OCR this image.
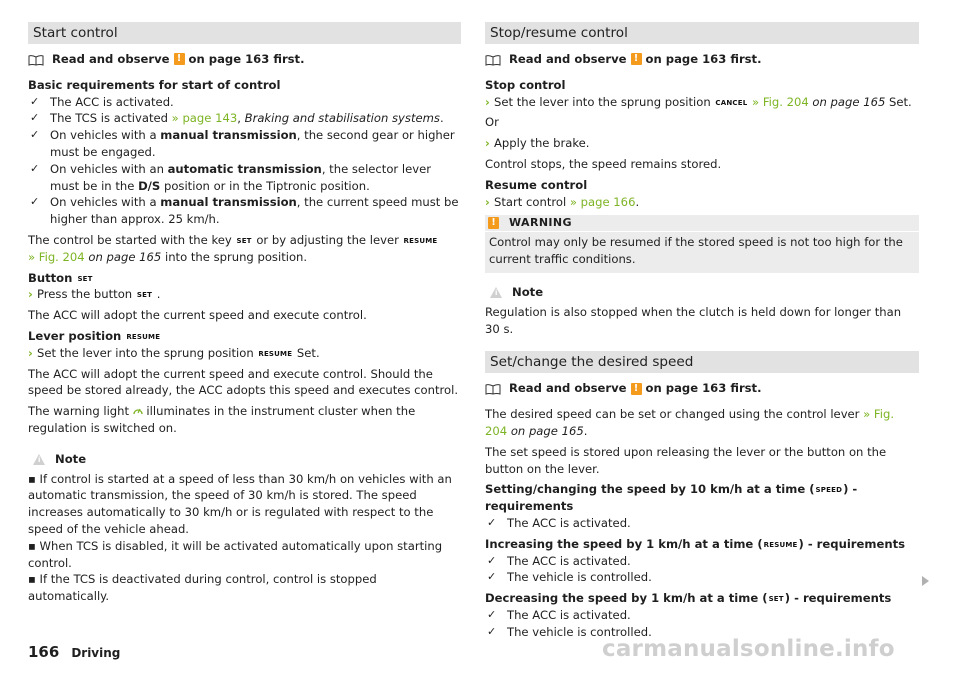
Start control
Read and observe ! on page 163 first.

Basic requirements for start of control

✓ The ACC is activated.
✓ The TCS is activated » page 143, Braking and stabilisation systems.
✓ On vehicles with a manual transmission, the second gear or higher must be engaged.
✓ On vehicles with an automatic transmission, the selector lever must be in the D/S position or in the Tiptronic position.
✓ On vehicles with a manual transmission, the current speed must be higher than approx. 25 km/h.

The control be started with the key SET or by adjusting the lever RESUME
» Fig. 204 on page 165 into the sprung position.

Button SET

› Press the button SET .

The ACC will adopt the current speed and execute control.

Lever position RESUME

› Set the lever into the sprung position RESUME Set.

The ACC will adopt the current speed and execute control. Should the speed be stored already, the ACC adopts this speed and executes control.

The warning light  illuminates in the instrument cluster when the regulation is switched on.

i Note
▪ If control is started at a speed of less than 30 km/h on vehicles with an automatic transmission, the speed of 30 km/h is stored. The speed increases automatically to 30 km/h or is regulated with respect to the speed of the vehicle ahead.
▪ When TCS is disabled, it will be activated automatically upon starting control.
▪ If the TCS is deactivated during control, control is stopped automatically.
Stop/resume control
Read and observe ! on page 163 first.

Stop control

› Set the lever into the sprung position CANCEL » Fig. 204 on page 165 Set.

Or

› Apply the brake.

Control stops, the speed remains stored.

Resume control

› Start control » page 166.

!	WARNING
Control may only be resumed if the stored speed is not too high for the current traffic conditions.
i Note

Regulation is also stopped when the clutch is held down for longer than 30 s.

Set/change the desired speed
Read and observe ! on page 163 first.

The desired speed can be set or changed using the control lever » Fig. 204 on page 165.

The set speed is stored upon releasing the lever or the button on the button on the lever.

Setting/changing the speed by 10 km/h at a time (SPEED) - requirements

✓ The ACC is activated.

Increasing the speed by 1 km/h at a time (RESUME) - requirements

✓ The ACC is activated.
✓ The vehicle is controlled.

Decreasing the speed by 1 km/h at a time (SET) - requirements

✓ The ACC is activated.
✓ The vehicle is controlled.
166 Driving	carmanualsonline.info
